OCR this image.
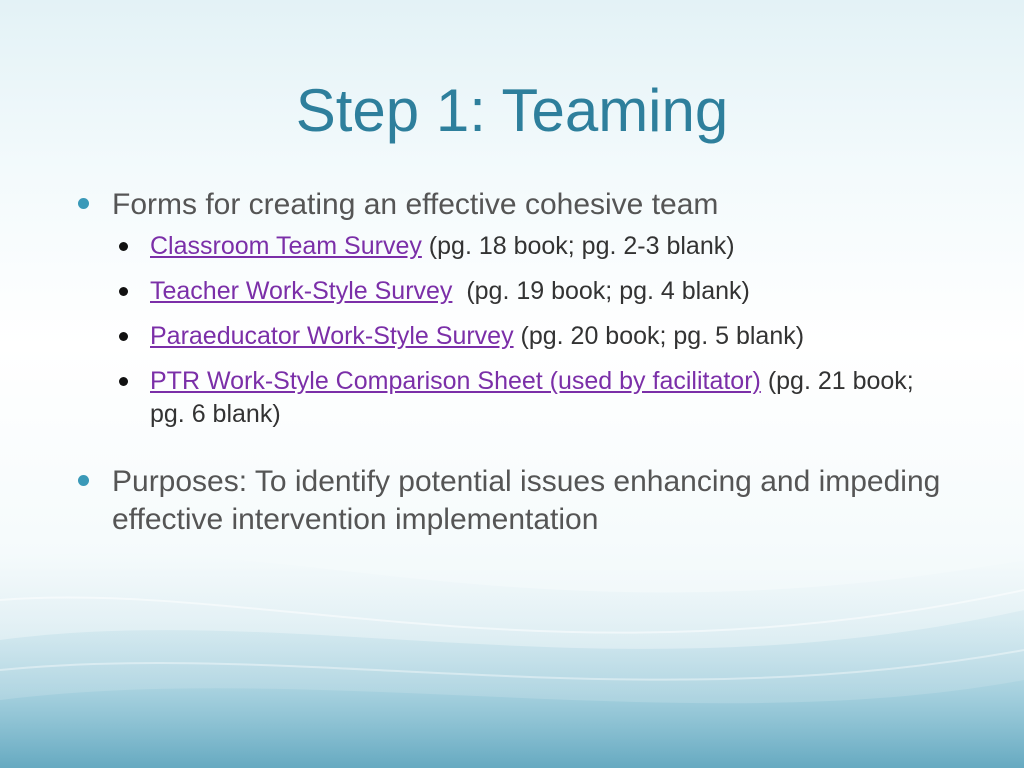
Step 1: Teaming
Forms for creating an effective cohesive team
Classroom Team Survey (pg. 18 book; pg. 2-3 blank)
Teacher Work-Style Survey  (pg. 19 book; pg. 4 blank)
Paraeducator Work-Style Survey (pg. 20 book; pg. 5 blank)
PTR Work-Style Comparison Sheet (used by facilitator) (pg. 21 book; pg. 6 blank)
Purposes: To identify potential issues enhancing and impeding effective intervention implementation
